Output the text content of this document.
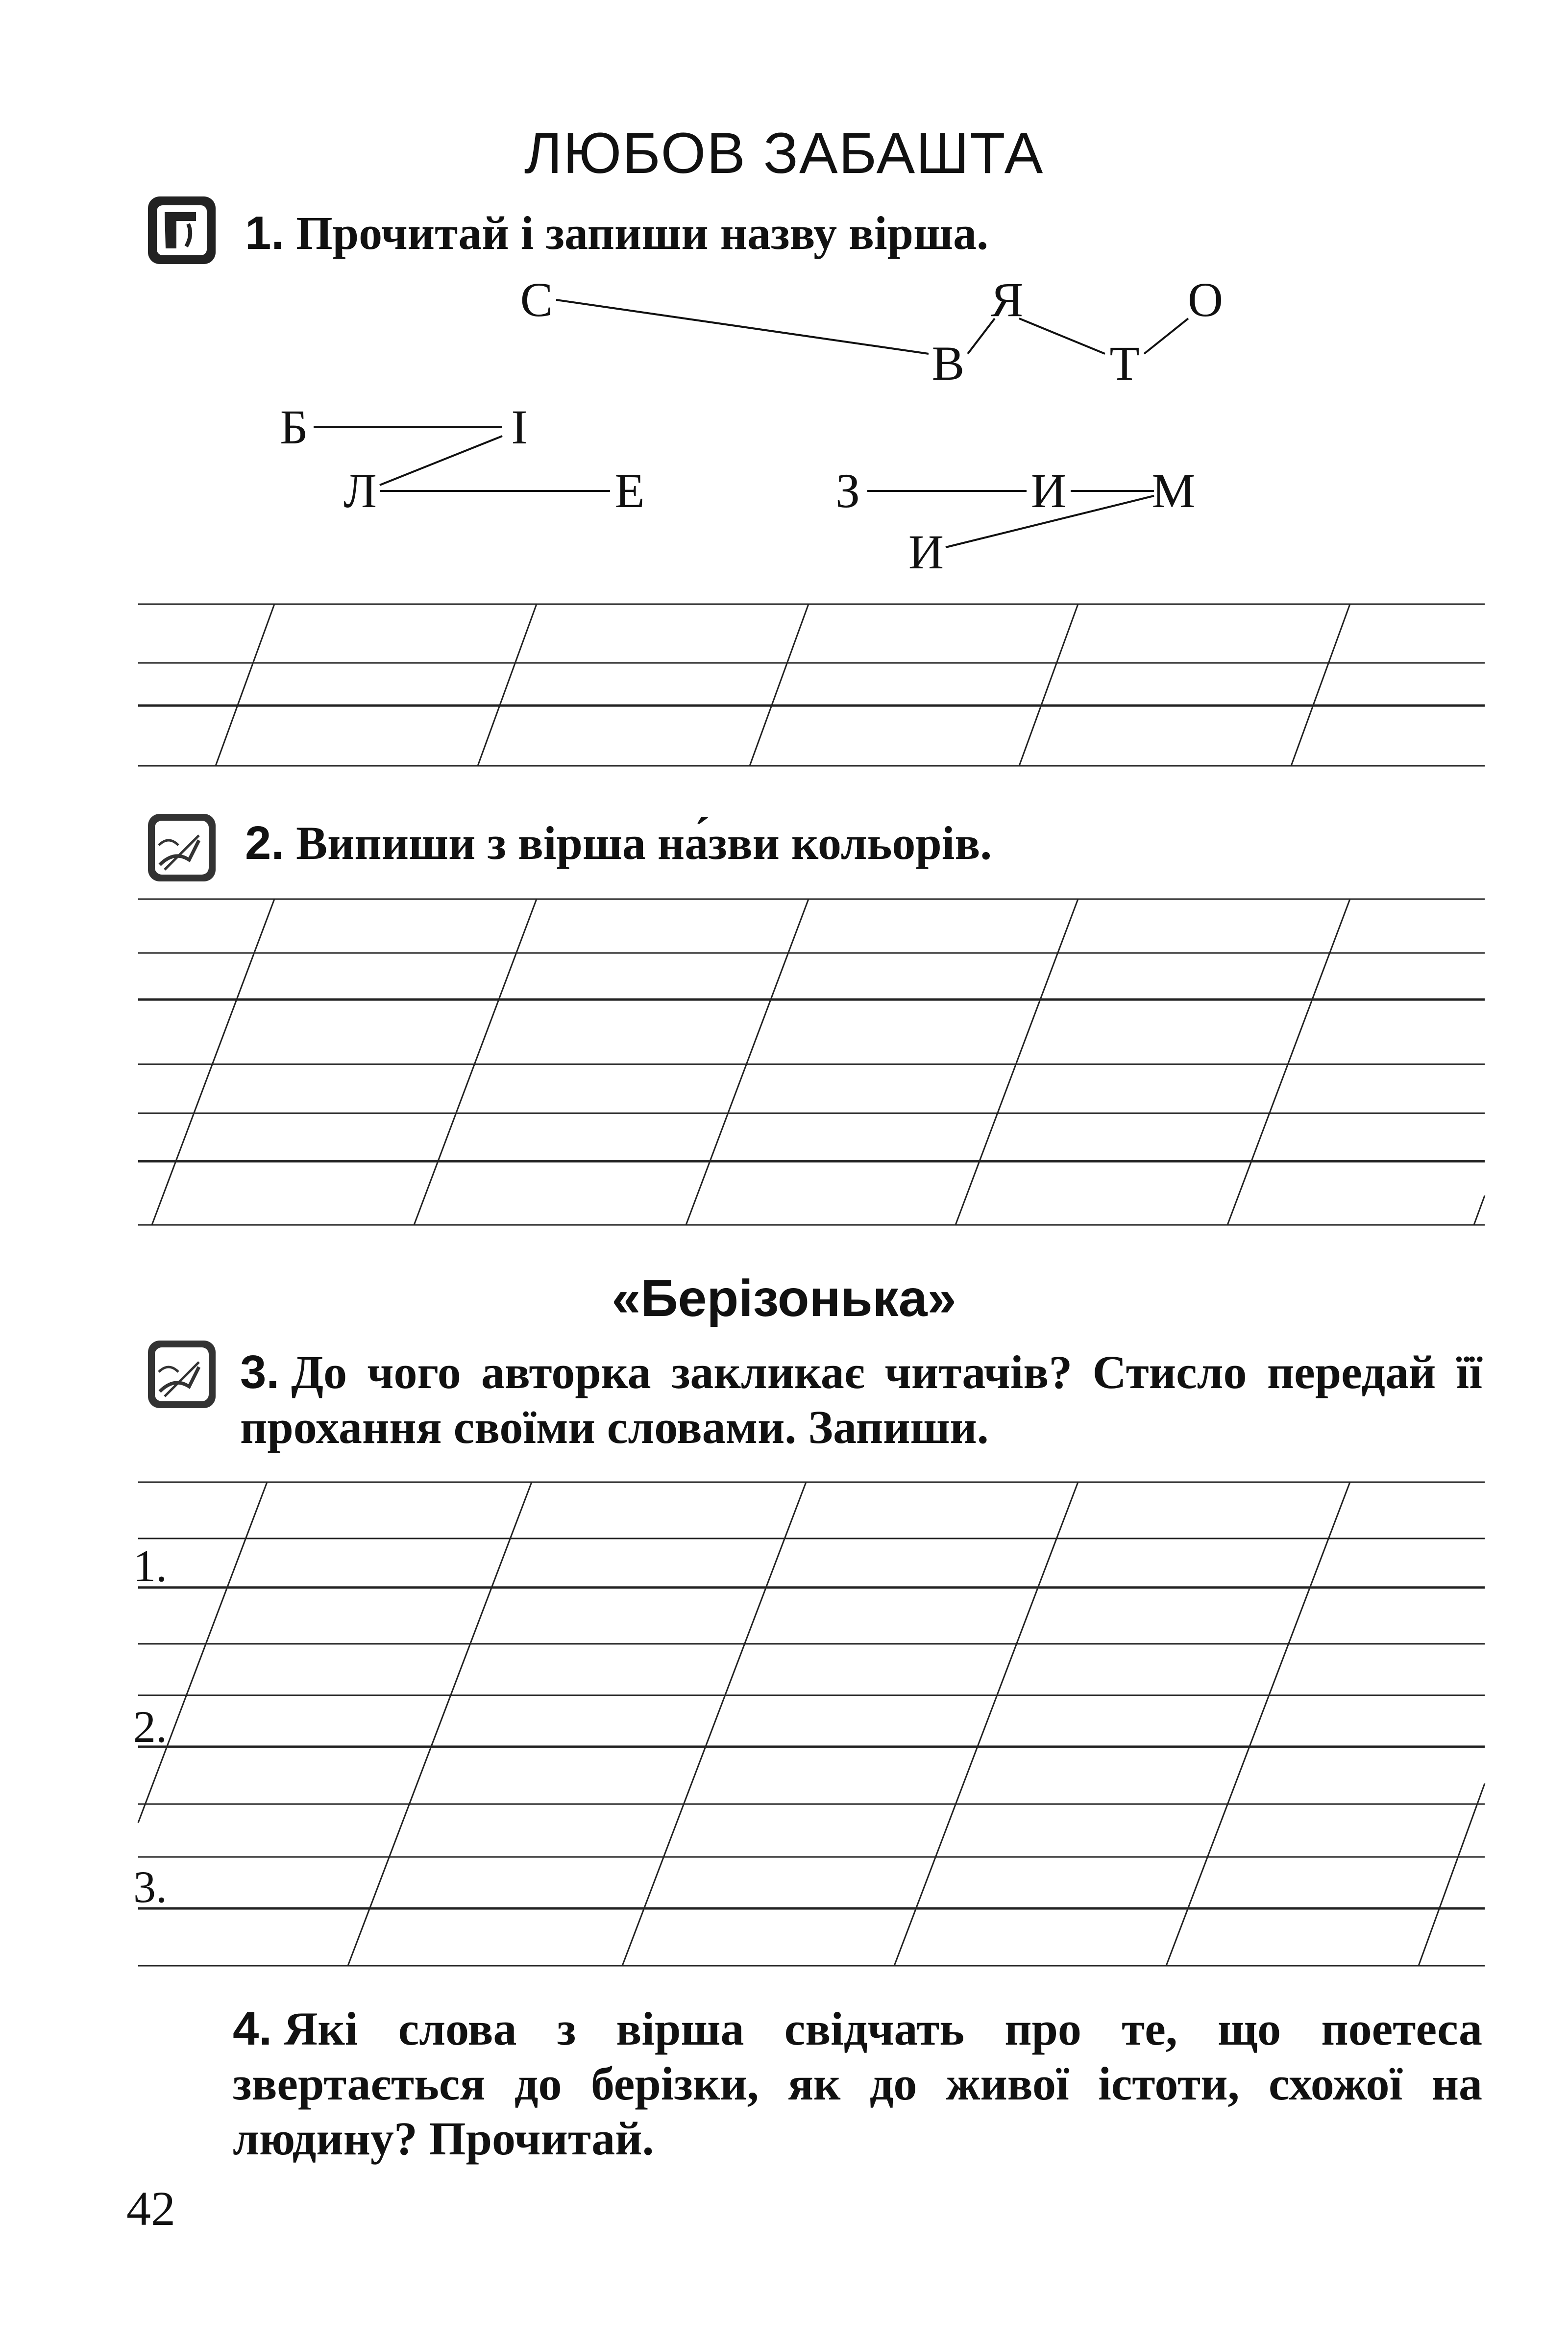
ЛЮБОВ ЗАБАШТА
1. Прочитай і запиши назву вірша.
С
В
Я
Т
О
Б	І
Л	Е	З	И М
И
2. Випиши з вірша на́зви кольорів.
«Берізонька»
3. До чого авторка закликає читачів? Стисло передай її прохання своїми словами. Запиши.
1.
2.
3.
4. Які слова з вірша свідчать про те, що поетеса звертається до берізки, як до живої істоти, схожої на людину? Прочитай.
42
